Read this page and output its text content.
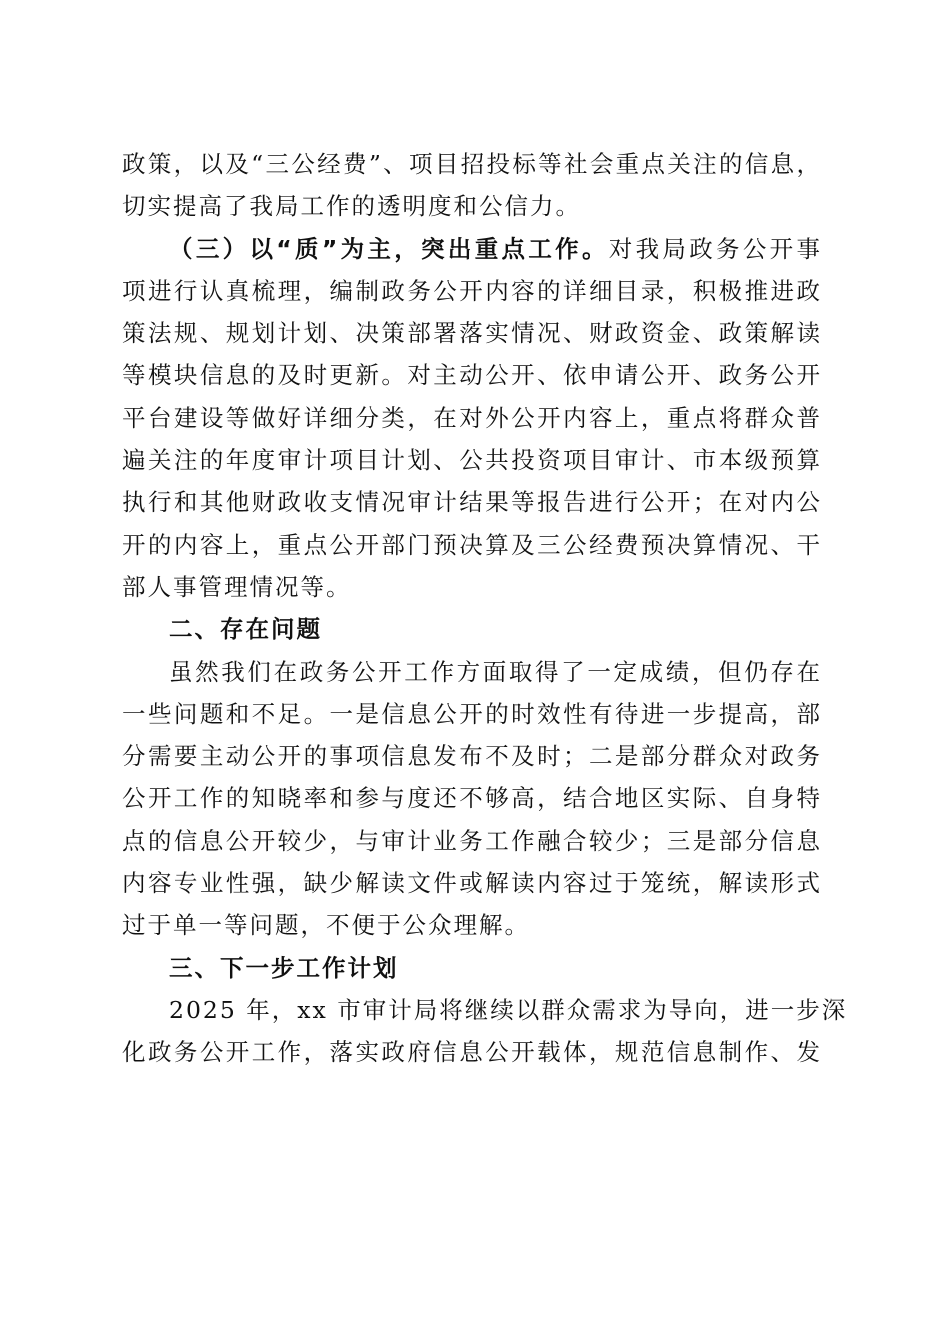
政策，以及“三公经费”、项目招投标等社会重点关注的信息，
切实提高了我局工作的透明度和公信力。
（三）以“质”为主，突出重点工作。对我局政务公开事
项进行认真梳理，编制政务公开内容的详细目录，积极推进政
策法规、规划计划、决策部署落实情况、财政资金、政策解读
等模块信息的及时更新。对主动公开、依申请公开、政务公开
平台建设等做好详细分类，在对外公开内容上，重点将群众普
遍关注的年度审计项目计划、公共投资项目审计、市本级预算
执行和其他财政收支情况审计结果等报告进行公开；在对内公
开的内容上，重点公开部门预决算及三公经费预决算情况、干
部人事管理情况等。
二、存在问题
虽然我们在政务公开工作方面取得了一定成绩，但仍存在
一些问题和不足。一是信息公开的时效性有待进一步提高，部
分需要主动公开的事项信息发布不及时；二是部分群众对政务
公开工作的知晓率和参与度还不够高，结合地区实际、自身特
点的信息公开较少，与审计业务工作融合较少；三是部分信息
内容专业性强，缺少解读文件或解读内容过于笼统，解读形式
过于单一等问题，不便于公众理解。
三、下一步工作计划
2025 年，xx 市审计局将继续以群众需求为导向，进一步深
化政务公开工作，落实政府信息公开载体，规范信息制作、发
